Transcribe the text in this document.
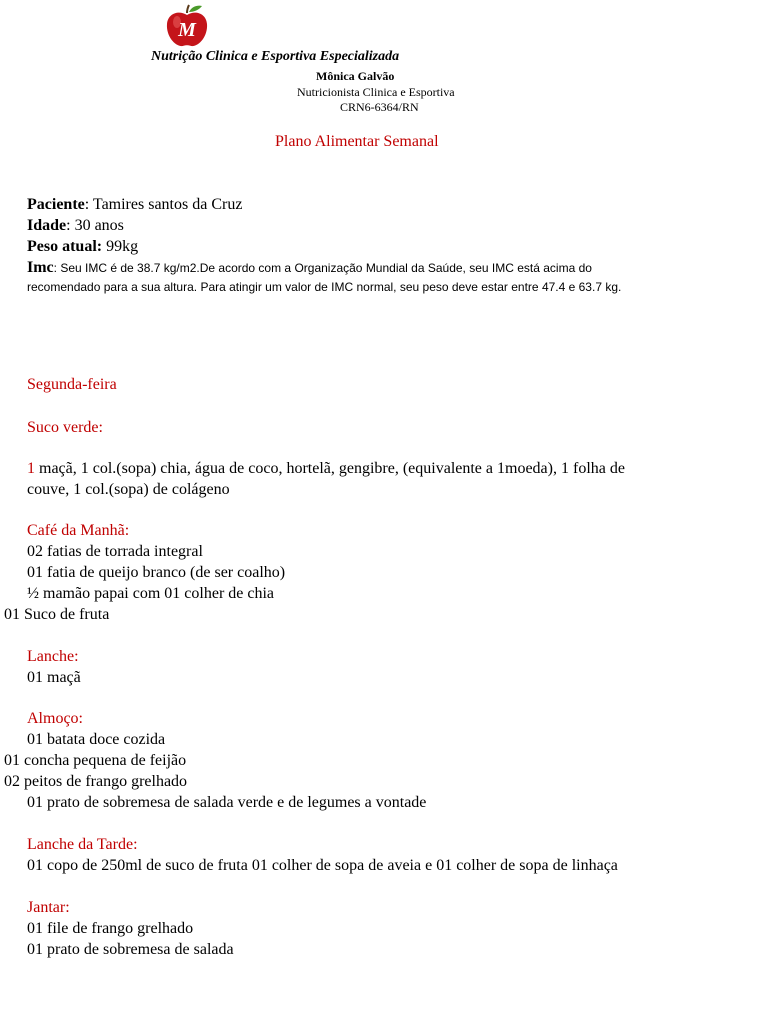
M
Nutrição Clinica e Esportiva Especializada
Mônica Galvão
Nutricionista Clinica e Esportiva
CRN6-6364/RN
Plano Alimentar Semanal
Paciente: Tamires santos da Cruz
Idade: 30 anos
Peso atual: 99kg
Imc: Seu IMC é de 38.7 kg/m2.De acordo com a Organização Mundial da Saúde, seu IMC está acima do
recomendado para a sua altura. Para atingir um valor de IMC normal, seu peso deve estar entre 47.4 e 63.7 kg.
Segunda-feira
Suco verde:
1 maçã, 1 col.(sopa) chia, água de coco, hortelã, gengibre, (equivalente a 1moeda), 1 folha de
couve, 1 col.(sopa) de colágeno
Café da Manhã:
02 fatias de torrada integral
01 fatia de queijo branco (de ser coalho)
½ mamão papai com 01 colher de chia
01 Suco de fruta
Lanche:
01 maçã
Almoço:
01 batata doce cozida
01 concha pequena de feijão
02 peitos de frango grelhado
01 prato de sobremesa de salada verde e de legumes a vontade
Lanche da Tarde:
01 copo de 250ml de suco de fruta 01 colher de sopa de aveia e 01 colher de sopa de linhaça
Jantar:
01 file de frango grelhado
01 prato de sobremesa de salada
